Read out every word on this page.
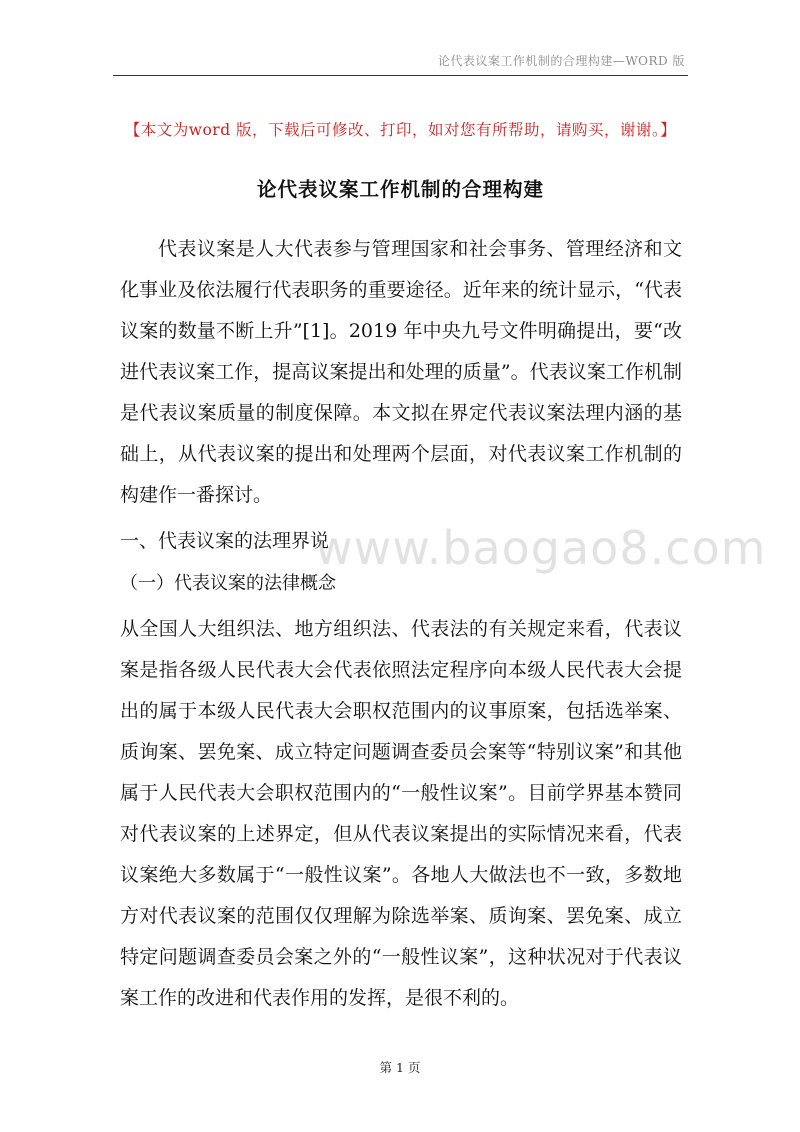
论代表议案工作机制的合理构建—WORD 版
【本文为word 版，下载后可修改、打印，如对您有所帮助，请购买，谢谢。】
论代表议案工作机制的合理构建
代表议案是人大代表参与管理国家和社会事务、管理经济和文化事业及依法履行代表职务的重要途径。近年来的统计显示，“代表议案的数量不断上升”[1]。2019 年中央九号文件明确提出，要“改进代表议案工作，提高议案提出和处理的质量”。代表议案工作机制是代表议案质量的制度保障。本文拟在界定代表议案法理内涵的基础上，从代表议案的提出和处理两个层面，对代表议案工作机制的构建作一番探讨。
一、代表议案的法理界说
（一）代表议案的法律概念
从全国人大组织法、地方组织法、代表法的有关规定来看，代表议案是指各级人民代表大会代表依照法定程序向本级人民代表大会提出的属于本级人民代表大会职权范围内的议事原案，包括选举案、质询案、罢免案、成立特定问题调查委员会案等“特别议案”和其他属于人民代表大会职权范围内的“一般性议案”。目前学界基本赞同对代表议案的上述界定，但从代表议案提出的实际情况来看，代表议案绝大多数属于“一般性议案”。各地人大做法也不一致，多数地方对代表议案的范围仅仅理解为除选举案、质询案、罢免案、成立特定问题调查委员会案之外的“一般性议案”，这种状况对于代表议案工作的改进和代表作用的发挥，是很不利的。
www.baogao8.com
第 1 页
